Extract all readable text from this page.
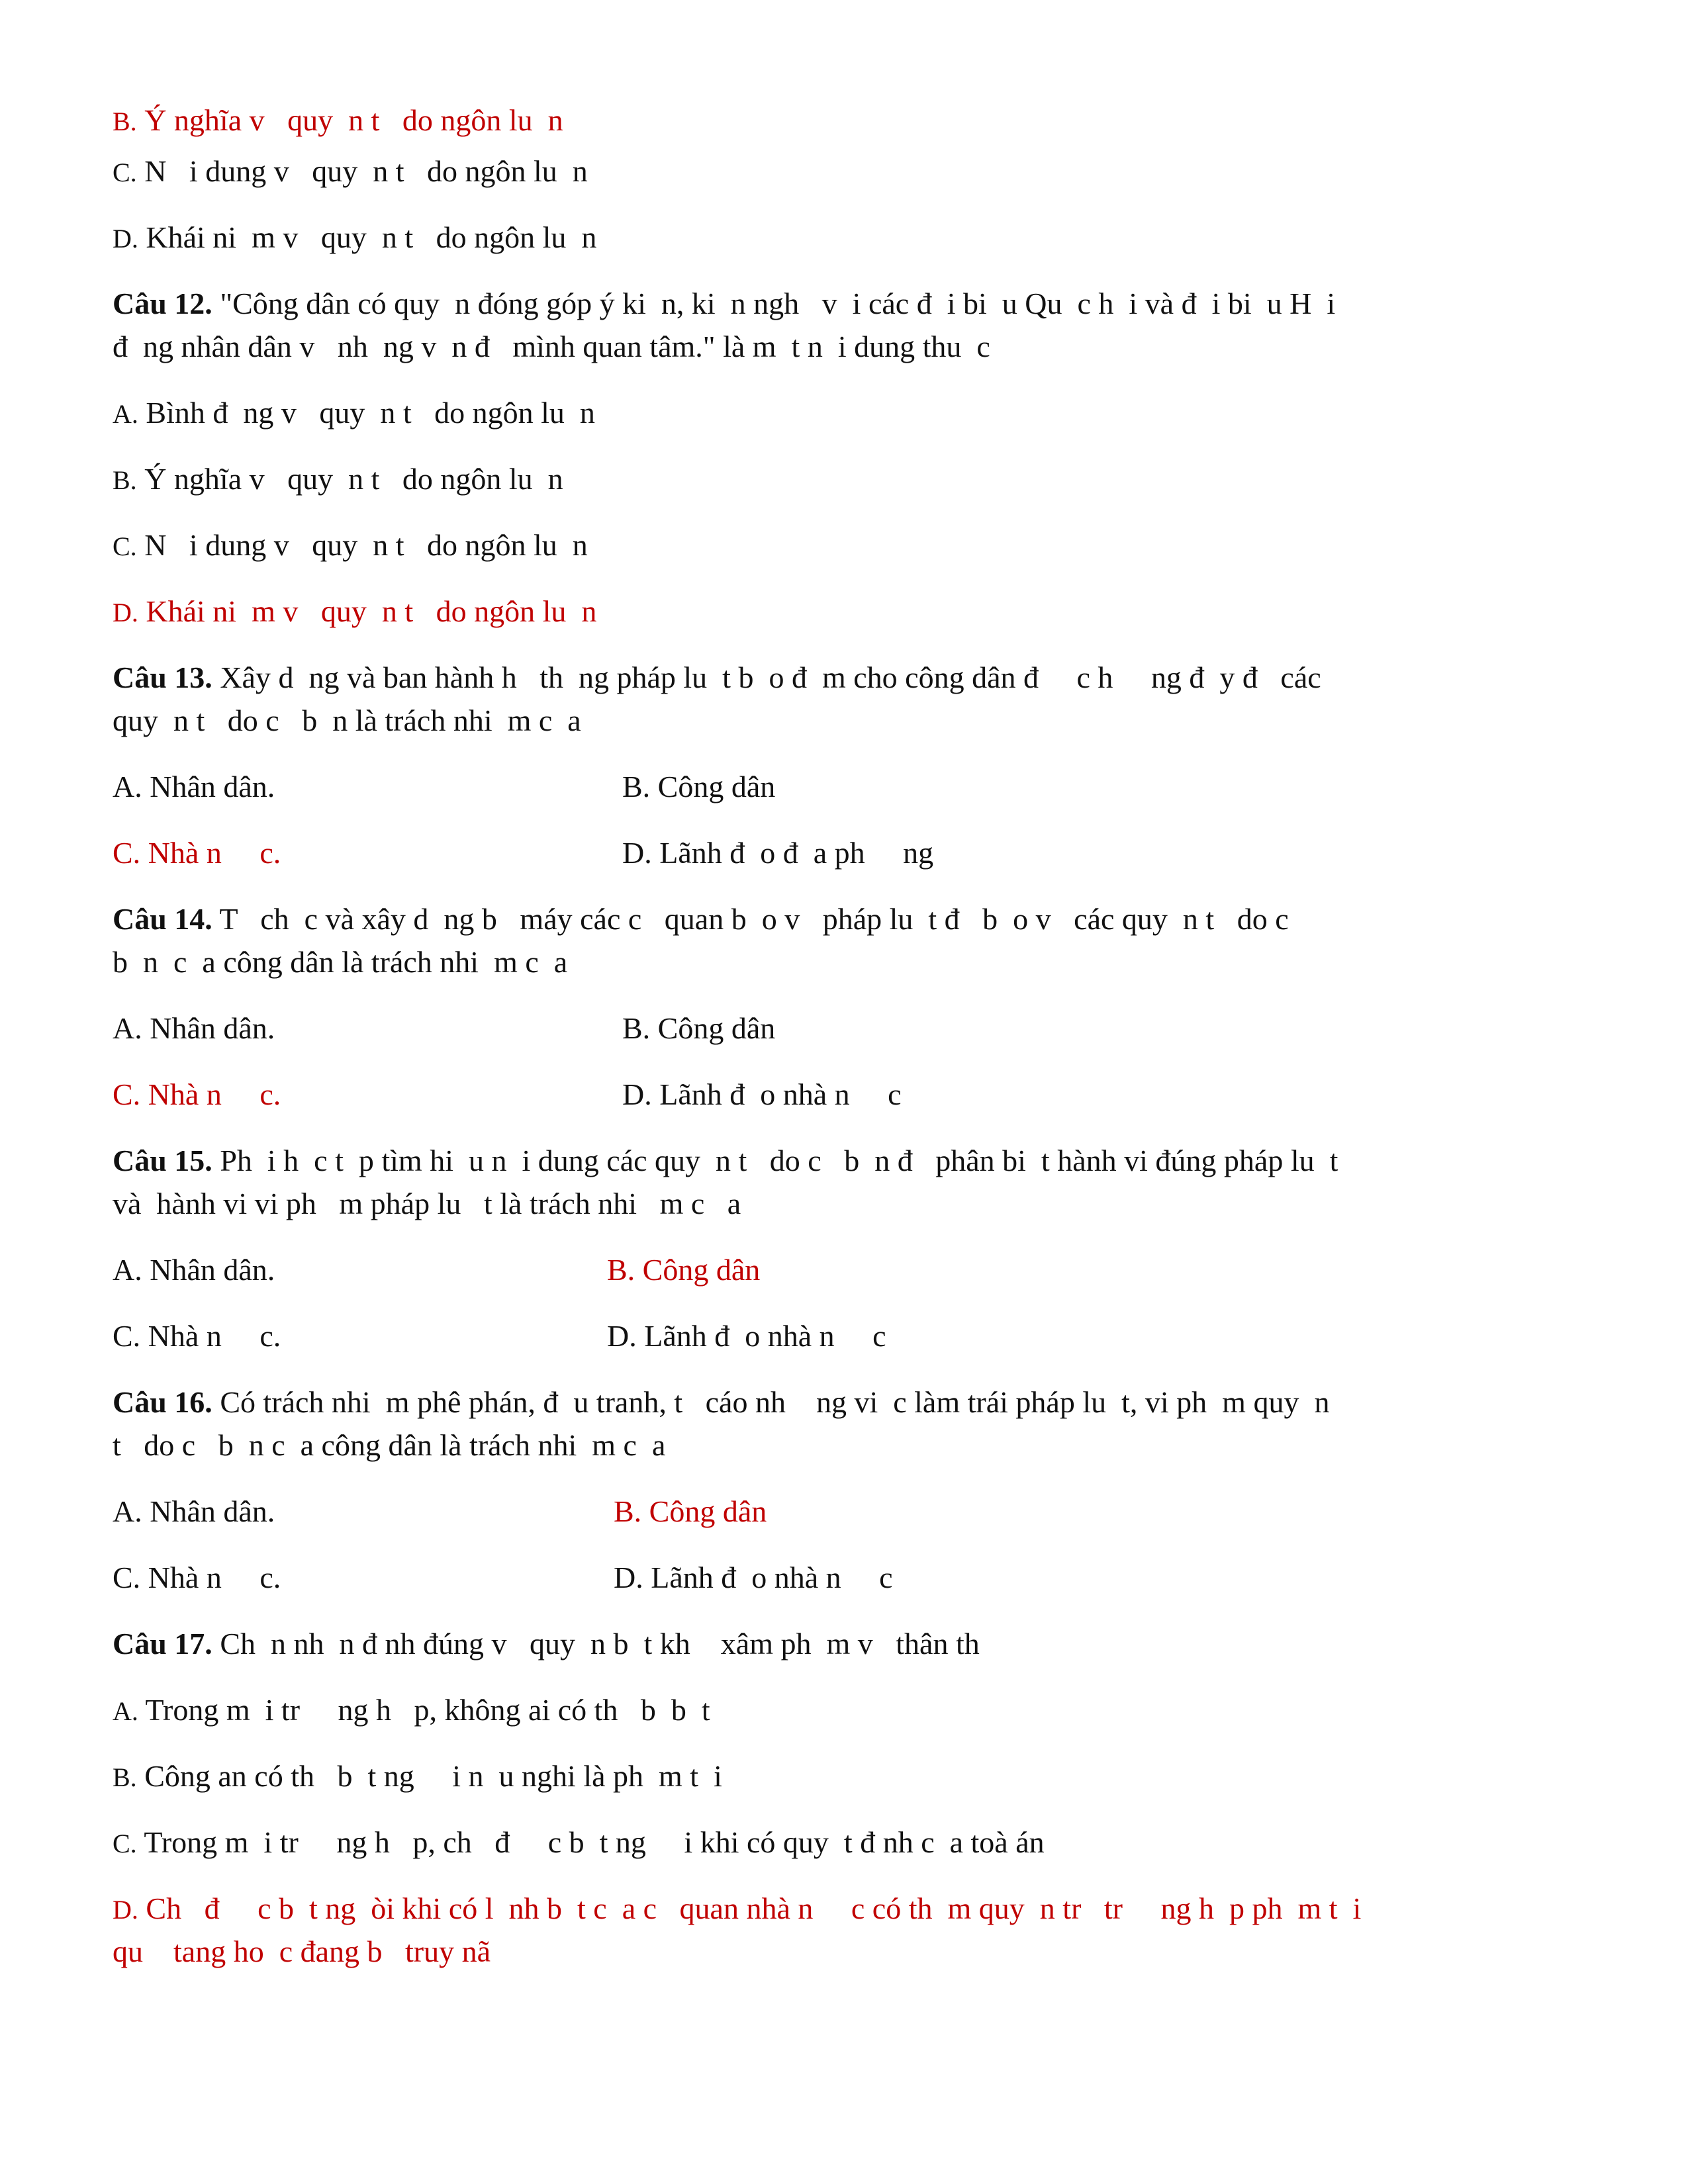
B. Ý nghĩa v   quy  n t   do ngôn lu  n
C. N   i dung v   quy  n t   do ngôn lu  n
D. Khái ni  m v   quy  n t   do ngôn lu  n
Câu 12. "Công dân có quy  n đóng góp ý ki  n, ki  n ngh   v  i các đ  i bi  u Qu  c h  i và đ  i bi  u H  i
đ  ng nhân dân v   nh  ng v  n đ   mình quan tâm." là m  t n  i dung thu  c
A. Bình đ  ng v   quy  n t   do ngôn lu  n
B. Ý nghĩa v   quy  n t   do ngôn lu  n
C. N   i dung v   quy  n t   do ngôn lu  n
D. Khái ni  m v   quy  n t   do ngôn lu  n
Câu 13. Xây d  ng và ban hành h   th  ng pháp lu  t b  o đ  m cho công dân đ     c h     ng đ  y đ   các
quy  n t   do c   b  n là trách nhi  m c  a
A. Nhân dân.	B. Công dân
C. Nhà n     c.	D. Lãnh đ  o đ  a ph     ng
Câu 14. T   ch  c và xây d  ng b   máy các c   quan b  o v   pháp lu  t đ   b  o v   các quy  n t   do c
b  n  c  a công dân là trách nhi  m c  a
A. Nhân dân.	B. Công dân
C. Nhà n     c.	D. Lãnh đ  o nhà n     c
Câu 15. Ph  i h  c t  p tìm hi  u n  i dung các quy  n t   do c   b  n đ   phân bi  t hành vi đúng pháp lu  t
và  hành vi vi ph   m pháp lu   t là trách nhi   m c   a
A. Nhân dân.	B. Công dân
C. Nhà n     c.	D. Lãnh đ  o nhà n     c
Câu 16. Có trách nhi  m phê phán, đ  u tranh, t   cáo nh    ng vi  c làm trái pháp lu  t, vi ph  m quy  n
t   do c   b  n c  a công dân là trách nhi  m c  a
A. Nhân dân.	B. Công dân
C. Nhà n     c.	D. Lãnh đ  o nhà n     c
Câu 17. Ch  n nh  n đ nh đúng v   quy  n b  t kh    xâm ph  m v   thân th
A. Trong m  i tr     ng h   p, không ai có th   b  b  t
B. Công an có th   b  t ng     i n  u nghi là ph  m t  i
C. Trong m  i tr     ng h   p, ch   đ     c b  t ng     i khi có quy  t đ nh c  a toà án
D. Ch   đ     c b  t ng  òi khi có l  nh b  t c  a c   quan nhà n     c có th  m quy  n tr   tr     ng h  p ph  m t  i
qu    tang ho  c đang b   truy nã
